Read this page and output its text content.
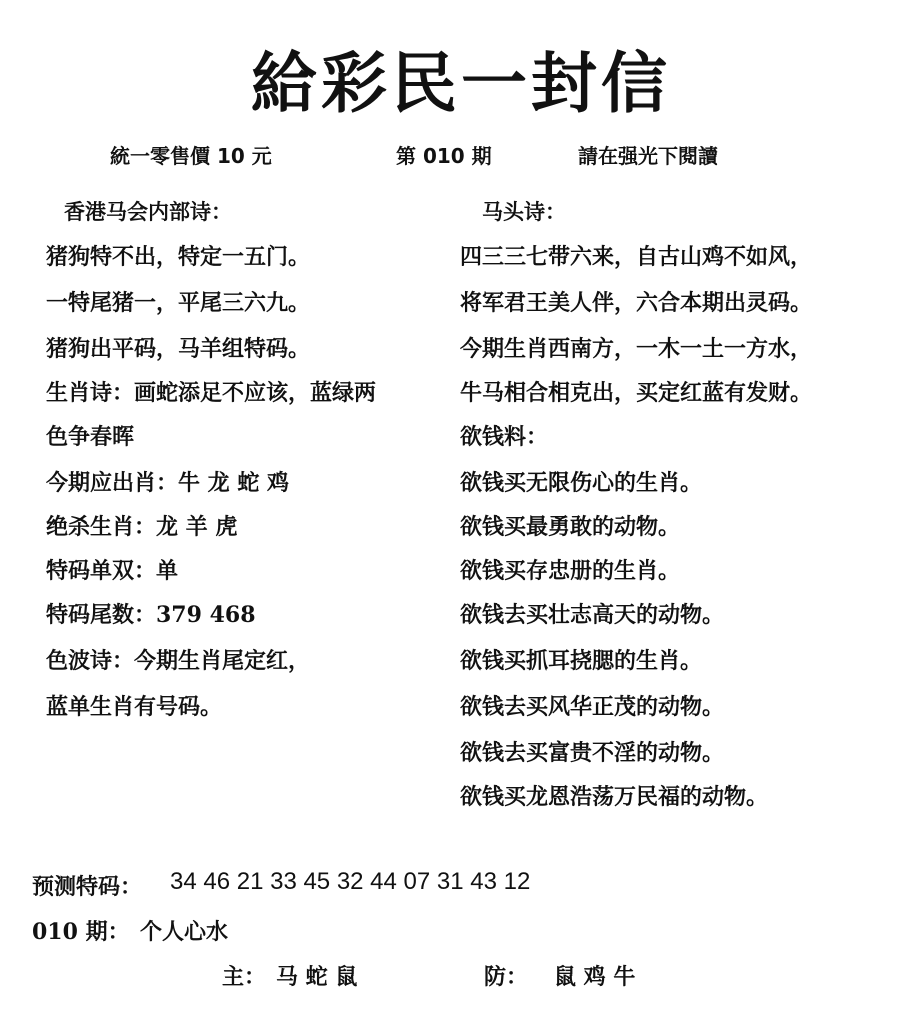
給彩民一封信
統一零售價 10 元	第 010 期	請在强光下閱讀
香港马会内部诗：
猪狗特不出，特定一五门。
一特尾猪一，平尾三六九。
猪狗出平码，马羊组特码。
生肖诗：画蛇添足不应该，蓝绿两
色争春晖
今期应出肖：牛 龙 蛇 鸡
绝杀生肖：龙 羊 虎
特码单双：单
特码尾数：379 468
色波诗：今期生肖尾定红，
蓝单生肖有号码。
马头诗：
四三三七带六来，自古山鸡不如风，
将军君王美人伴，六合本期出灵码。
今期生肖西南方，一木一土一方水，
牛马相合相克出，买定红蓝有发财。
欲钱料：
欲钱买无限伤心的生肖。
欲钱买最勇敢的动物。
欲钱买存忠册的生肖。
欲钱去买壮志高天的动物。
欲钱买抓耳挠腮的生肖。
欲钱去买风华正茂的动物。
欲钱去买富贵不淫的动物。
欲钱买龙恩浩荡万民福的动物。
预测特码： 34 46 21 33 45 32 44 07 31 43 12
010 期： 个人心水
主： 马 蛇 鼠	防： 鼠 鸡 牛
